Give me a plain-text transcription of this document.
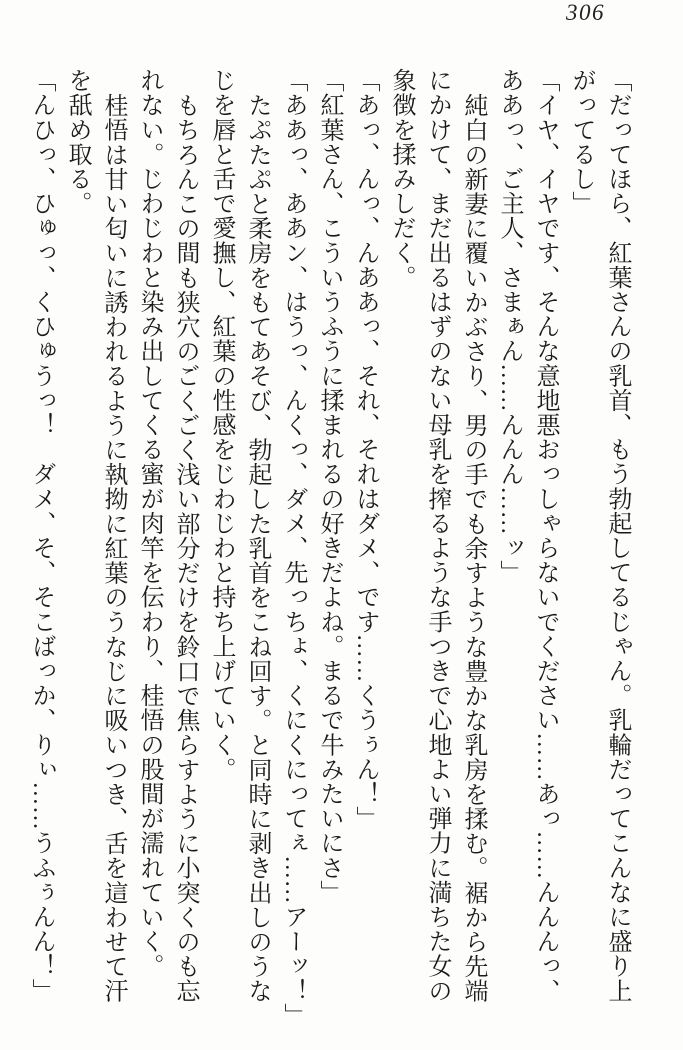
306

「だってほら、紅葉さんの乳首、もう勃起してるじゃん。乳輪だってこんなに盛り上

がってるし」

「イヤ、イヤです、そんな意地悪おっしゃらないでください……あっ……んんんっ、

ああっ、ご主人、さまぁん……んんん……ッ」

純白の新妻に覆いかぶさり、男の手でも余すような豊かな乳房を揉む。裾から先端

にかけて、まだ出るはずのない母乳を搾るような手つきで心地よい弾力に満ちた女の

象徴を揉みしだく。

「あっ、んっ、んああっ、それ、それはダメ、です……くうぅん！」

「紅葉さん、こういうふうに揉まれるの好きだよね。まるで牛みたいにさ」

「ああっ、ああン、はうっ、んくっ、ダメ、先っちょ、くにくにってぇ……アーッ！」

たぷたぷと柔房をもてあそび、勃起した乳首をこね回す。と同時に剥き出しのうな

じを唇と舌で愛撫し、紅葉の性感をじわじわと持ち上げていく。

もちろんこの間も狭穴のごくごく浅い部分だけを鈴口で焦らすように小突くのも忘

れない。じわじわと染み出してくる蜜が肉竿を伝わり、桂悟の股間が濡れていく。

桂悟は甘い匂いに誘われるように執拗に紅葉のうなじに吸いつき、舌を這わせて汗

を舐め取る。

「んひっ、ひゅっ、くひゅうっ！　ダメ、そ、そこばっか、りぃ……うふぅんん！」
